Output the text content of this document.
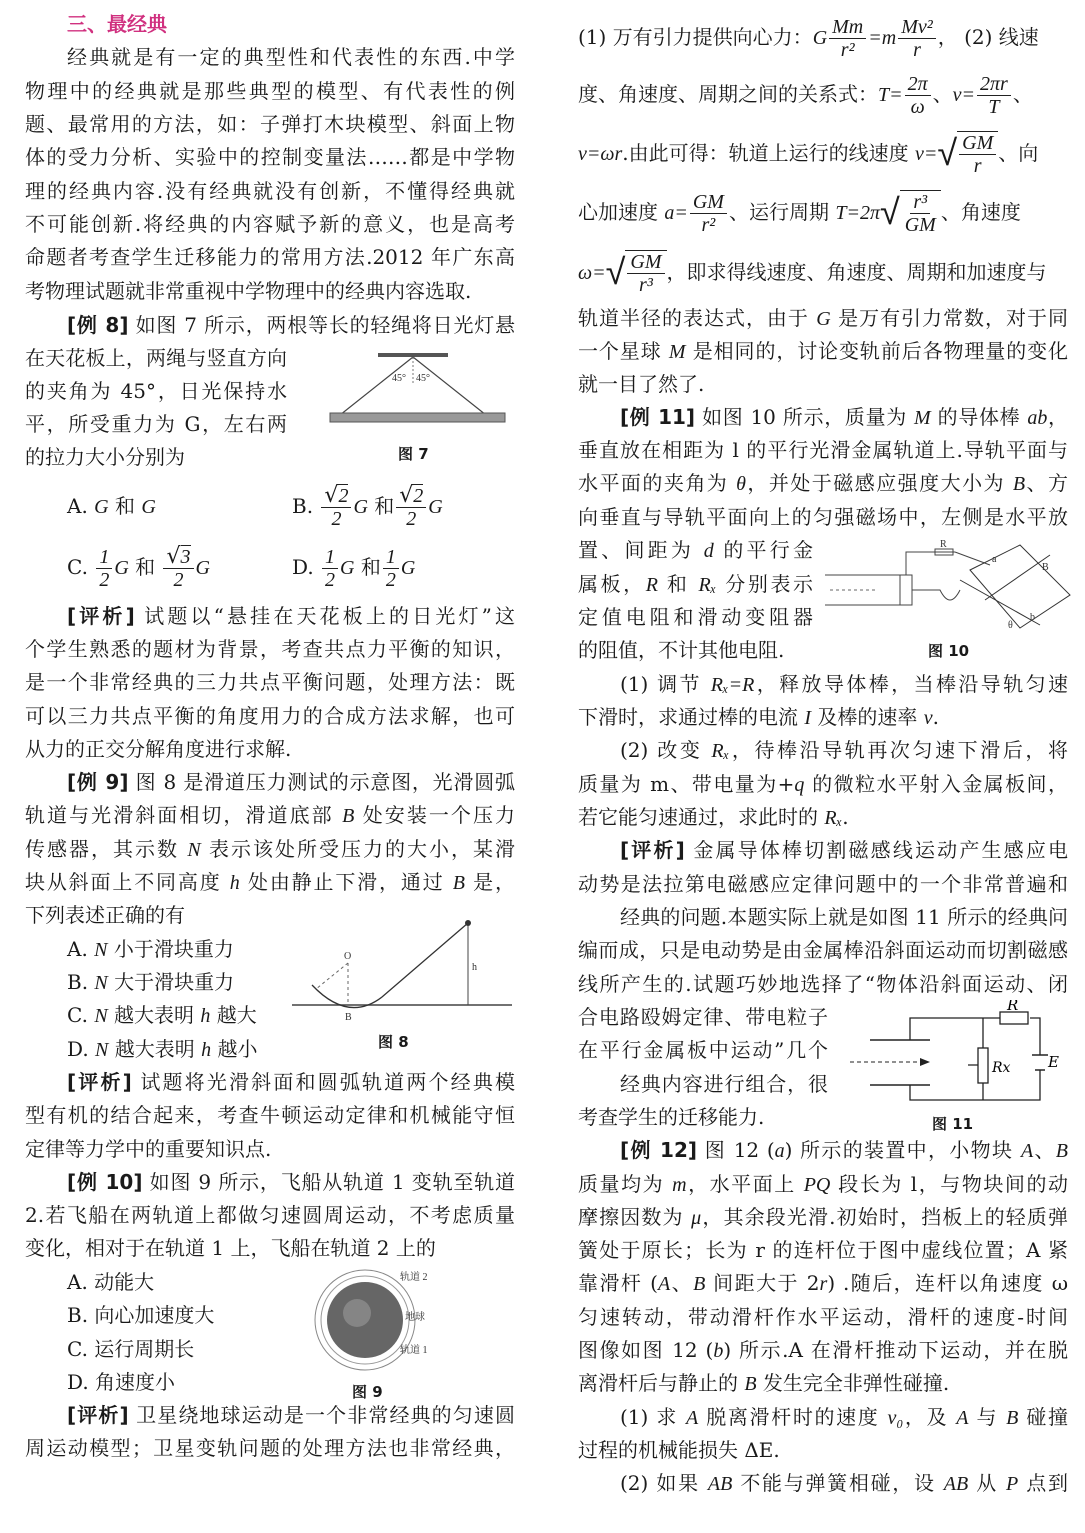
三、最经典
经典就是有一定的典型性和代表性的东西.中学
物理中的经典就是那些典型的模型、有代表性的例
题、最常用的方法，如：子弹打木块模型、斜面上物
体的受力分析、实验中的控制变量法……都是中学物
理的经典内容.没有经典就没有创新，不懂得经典就
不可能创新.将经典的内容赋予新的意义，也是高考
命题者考查学生迁移能力的常用方法.2012 年广东高
考物理试题就非常重视中学物理中的经典内容选取.
[例 8] 如图 7 所示，两根等长的轻绳将日光灯悬
在天花板上，两绳与竖直方向
的夹角为 45°，日光保持水
平，所受重力为 G，左右两
的拉力大小分别为
A. G 和 G	B. $\frac{√ 2}{2}$ G 和 $\frac{√ 2}{2}$ G
C. $\frac{1}{2}$ G 和 $\frac{√ 3}{2}$ G	D. $\frac{1}{2}$ G 和 $\frac{1}{2}$ G
[评析] 试题以“悬挂在天花板上的日光灯”这
个学生熟悉的题材为背景，考查共点力平衡的知识，
是一个非常经典的三力共点平衡问题，处理方法：既
可以三力共点平衡的角度用力的合成方法求解，也可
从力的正交分解角度进行求解.
[例 9] 图 8 是滑道压力测试的示意图，光滑圆弧
轨道与光滑斜面相切，滑道底部 B 处安装一个压力
传感器，其示数 N 表示该处所受压力的大小，某滑
块从斜面上不同高度 h 处由静止下滑，通过 B 是，
下列表述正确的有
A. N 小于滑块重力
B. N 大于滑块重力
C. N 越大表明 h 越大
D. N 越大表明 h 越小
[评析] 试题将光滑斜面和圆弧轨道两个经典模
型有机的结合起来，考查牛顿运动定律和机械能守恒
定律等力学中的重要知识点.
[例 10] 如图 9 所示，飞船从轨道 1 变轨至轨道
2.若飞船在两轨道上都做匀速圆周运动，不考虑质量
变化，相对于在轨道 1 上，飞船在轨道 2 上的
A. 动能大
B. 向心加速度大
C. 运行周期长
D. 角速度小
[评析] 卫星绕地球运动是一个非常经典的匀速圆
周运动模型；卫星变轨问题的处理方法也非常经典，
(1) 万有引力提供向心力：G $\frac{Mm}{\text{r²}} =m \frac{\text{Mv²}}{r}$ ， (2) 线速
度、角速度、周期之间的关系式：$T= \frac{2\pi}{\omega}$ 、$v= \frac{2\pi r}{T}$ 、
v=ωr.由此可得：轨道上运行的线速度 v= √ $\frac{GM}{r}$ 、向
心加速度 $a= \frac{GM}{\text{r²}}$ 、运行周期 T=2π √ $\frac{\text{r³}}{GM}$ 、角速度
ω= √ $\frac{GM}{\text{r³}}$ ，即求得线速度、角速度、周期和加速度与
轨道半径的表达式，由于 G 是万有引力常数，对于同
一个星球 M 是相同的，讨论变轨前后各物理量的变化
就一目了然了.
[例 11] 如图 10 所示，质量为 M 的导体棒 ab，
垂直放在相距为 l 的平行光滑金属轨道上.导轨平面与
水平面的夹角为 θ，并处于磁感应强度大小为 B、方
向垂直与导轨平面向上的匀强磁场中，左侧是水平放
置、间距为 d 的平行金
属板，R 和 Rₓ 分别表示
定值电阻和滑动变阻器
的阻值，不计其他电阻.
(1) 调节 Rₓ=R，释放导体棒，当棒沿导轨匀速
下滑时，求通过棒的电流 I 及棒的速率 v.
(2) 改变 Rₓ，待棒沿导轨再次匀速下滑后，将
质量为 m、带电量为+q 的微粒水平射入金属板间，
若它能匀速通过，求此时的 Rₓ.
[评析] 金属导体棒切割磁感线运动产生感应电
动势是法拉第电磁感应定律问题中的一个非常普遍和
经典的问题.本题实际上就是如图 11 所示的经典问
编而成，只是电动势是由金属棒沿斜面运动而切割磁感
线所产生的.试题巧妙地选择了“物体沿斜面运动、闭
合电路殴姆定律、带电粒子
在平行金属板中运动”几个
经典内容进行组合，很
考查学生的迁移能力.
[例 12] 图 12 (a) 所示的装置中，小物块 A、B
质量均为 m，水平面上 PQ 段长为 l，与物块间的动
摩擦因数为 μ，其余段光滑.初始时，挡板上的轻质弹
簧处于原长；长为 r 的连杆位于图中虚线位置；A 紧
靠滑杆 (A、B 间距大于 2r) .随后，连杆以角速度 ω
匀速转动，带动滑杆作水平运动，滑杆的速度-时间
图像如图 12 (b) 所示.A 在滑杆推动下运动，并在脱
离滑杆后与静止的 B 发生完全非弹性碰撞.
(1) 求 A 脱离滑杆时的速度 v₀，及 A 与 B 碰撞
过程的机械能损失 ΔE.
(2) 如果 AB 不能与弹簧相碰，设 AB 从 P 点到
45° 45°
图 7
O
h
B
图 8
轨道 2
地球
轨道 1
图 9
R
B
a
b
θ
图 10
R
Rx	E
图 11
